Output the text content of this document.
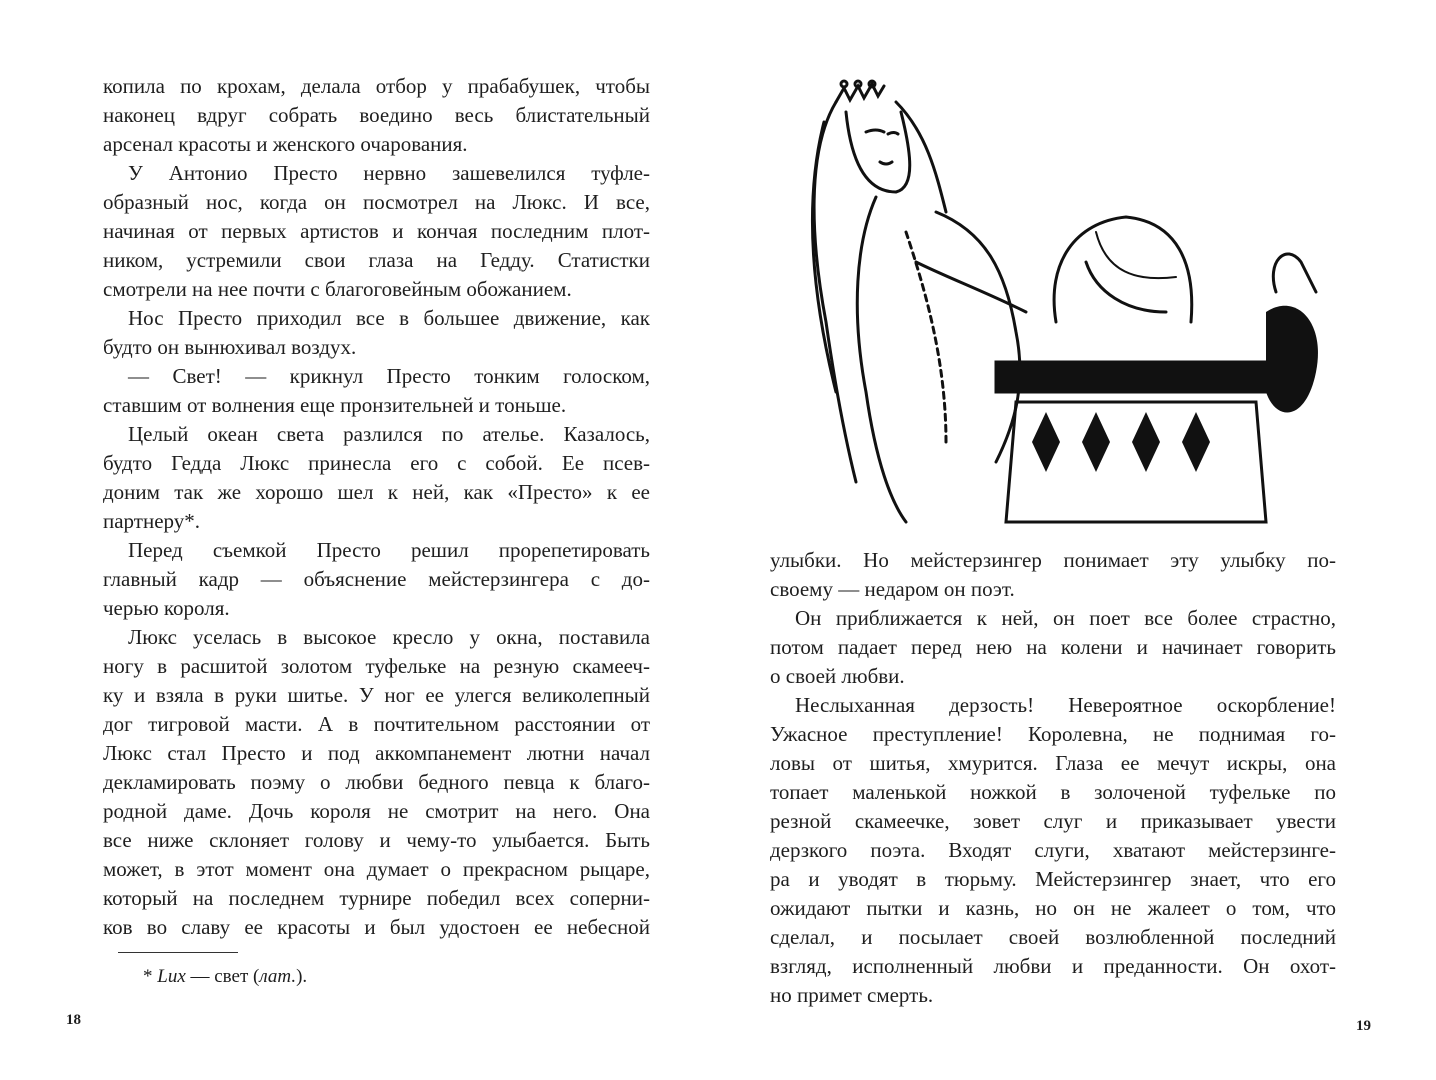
копила по крохам, делала отбор у прабабушек, чтобы
наконец вдруг собрать воедино весь блистательный
арсенал красоты и женского очарования.
У Антонио Престо нервно зашевелился туфле-
образный нос, когда он посмотрел на Люкс. И все,
начиная от первых артистов и кончая последним плот-
ником, устремили свои глаза на Гедду. Статистки
смотрели на нее почти с благоговейным обожанием.
Нос Престо приходил все в большее движение, как
будто он вынюхивал воздух.
— Свет! — крикнул Престо тонким голоском,
ставшим от волнения еще пронзительней и тоньше.
Целый океан света разлился по ателье. Казалось,
будто Гедда Люкс принесла его с собой. Ее псев-
доним так же хорошо шел к ней, как «Престо» к ее
партнеру*.
Перед съемкой Престо решил прорепетировать
главный кадр — объяснение мейстерзингера с до-
черью короля.
Люкс уселась в высокое кресло у окна, поставила
ногу в расшитой золотом туфельке на резную скамееч-
ку и взяла в руки шитье. У ног ее улегся великолепный
дог тигровой масти. А в почтительном расстоянии от
Люкс стал Престо и под аккомпанемент лютни начал
декламировать поэму о любви бедного певца к благо-
родной даме. Дочь короля не смотрит на него. Она
все ниже склоняет голову и чему-то улыбается. Быть
может, в этот момент она думает о прекрасном рыцаре,
который на последнем турнире победил всех соперни-
ков во славу ее красоты и был удостоен ее небесной
* Lux — свет (лат.).
18
улыбки. Но мейстерзингер понимает эту улыбку по-
своему — недаром он поэт.
Он приближается к ней, он поет все более страстно,
потом падает перед нею на колени и начинает говорить
о своей любви.
Неслыханная дерзость! Невероятное оскорбление!
Ужасное преступление! Королевна, не поднимая го-
ловы от шитья, хмурится. Глаза ее мечут искры, она
топает маленькой ножкой в золоченой туфельке по
резной скамеечке, зовет слуг и приказывает увести
дерзкого поэта. Входят слуги, хватают мейстерзинге-
ра и уводят в тюрьму. Мейстерзингер знает, что его
ожидают пытки и казнь, но он не жалеет о том, что
сделал, и посылает своей возлюбленной последний
взгляд, исполненный любви и преданности. Он охот-
но примет смерть.
19
